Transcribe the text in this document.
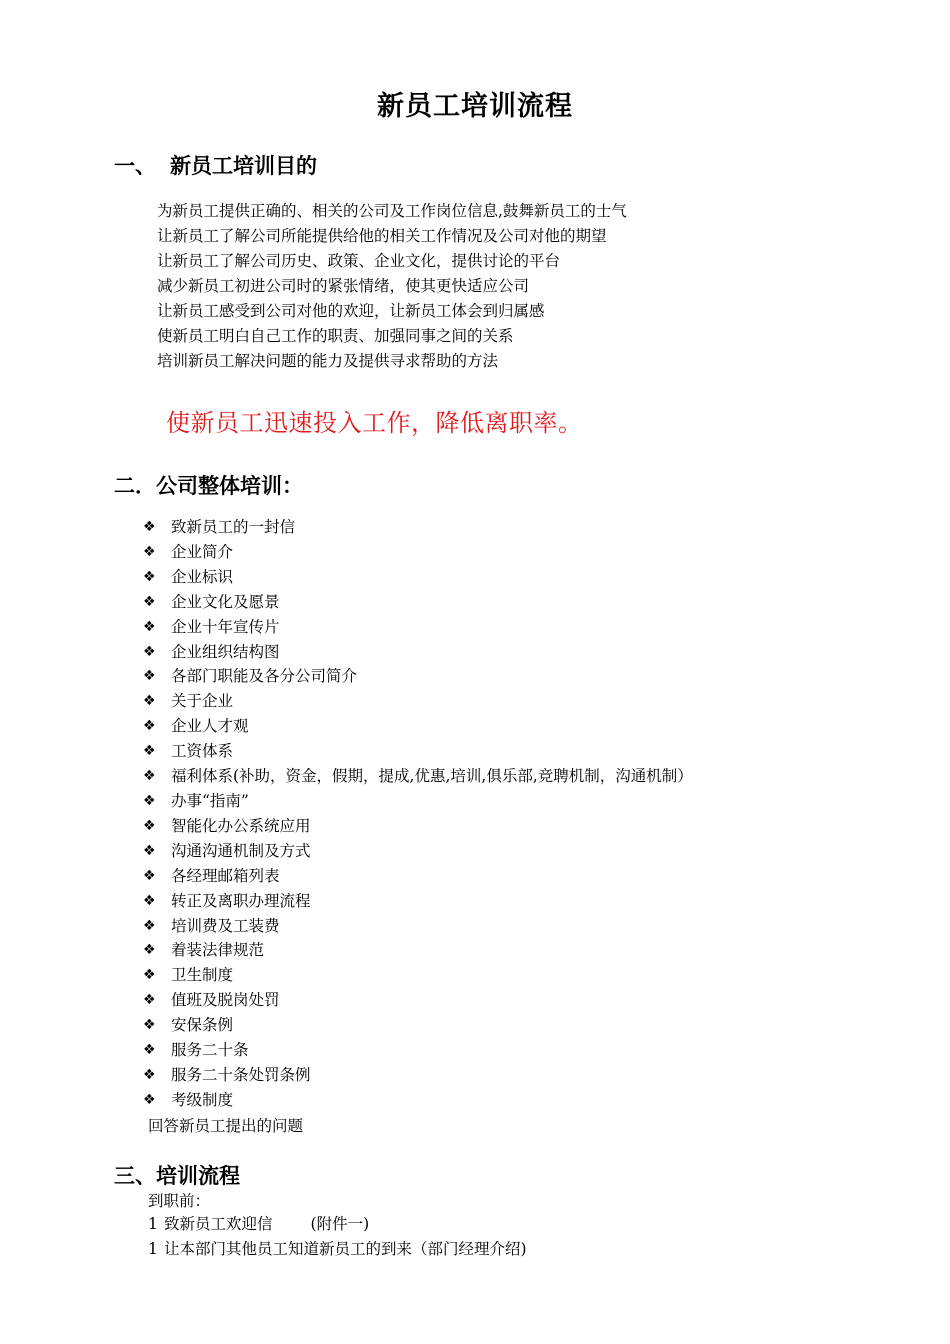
新员工培训流程
一、 新员工培训目的
为新员工提供正确的、相关的公司及工作岗位信息,鼓舞新员工的士气
让新员工了解公司所能提供给他的相关工作情况及公司对他的期望
让新员工了解公司历史、政策、企业文化，提供讨论的平台
减少新员工初进公司时的紧张情绪，使其更快适应公司
让新员工感受到公司对他的欢迎，让新员工体会到归属感
使新员工明白自己工作的职责、加强同事之间的关系
培训新员工解决问题的能力及提供寻求帮助的方法
使新员工迅速投入工作，降低离职率。
二．公司整体培训：
❖ 致新员工的一封信
❖ 企业简介
❖ 企业标识
❖ 企业文化及愿景
❖ 企业十年宣传片
❖ 企业组织结构图
❖ 各部门职能及各分公司简介
❖ 关于企业
❖ 企业人才观
❖ 工资体系
❖ 福利体系(补助，资金，假期，提成,优惠,培训,俱乐部,竞聘机制，沟通机制）
❖ 办事“指南”
❖ 智能化办公系统应用
❖ 沟通沟通机制及方式
❖ 各经理邮箱列表
❖ 转正及离职办理流程
❖ 培训费及工装费
❖ 着装法律规范
❖ 卫生制度
❖ 值班及脱岗处罚
❖ 安保条例
❖ 服务二十条
❖ 服务二十条处罚条例
❖ 考级制度
回答新员工提出的问题
三、培训流程
到职前：
1 致新员工欢迎信 (附件一)
1 让本部门其他员工知道新员工的到来（部门经理介绍)
